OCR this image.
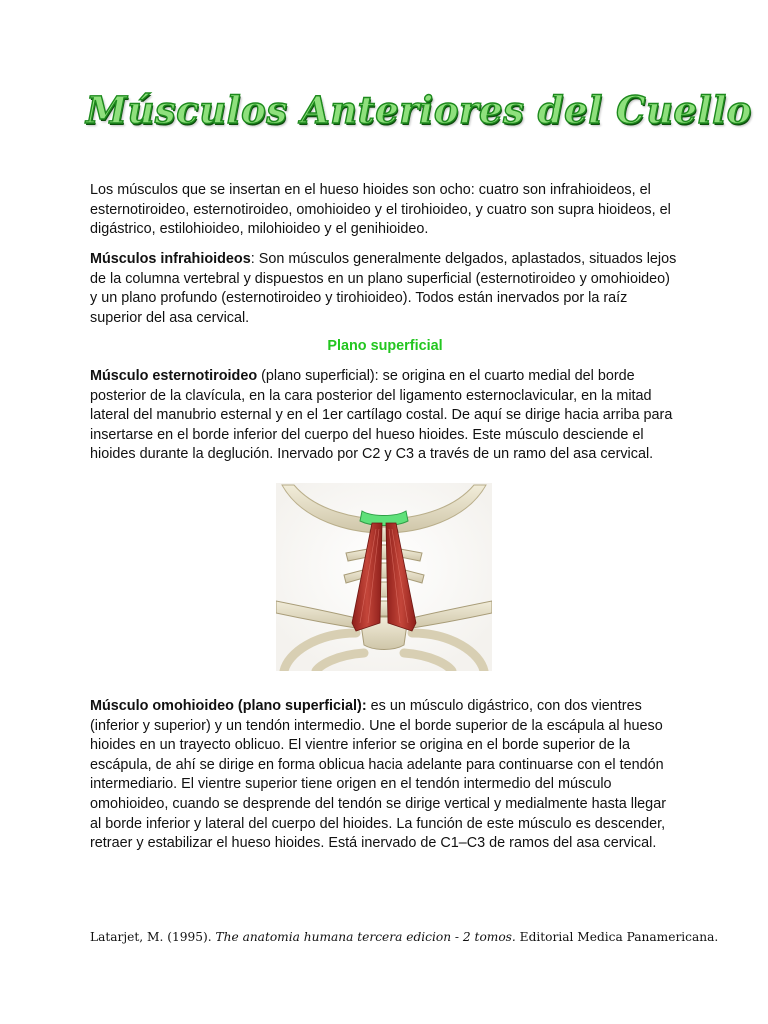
Músculos Anteriores del Cuello

Los músculos que se insertan en el hueso hioides son ocho: cuatro son infrahioideos, el esternotiroideo, esternotiroideo, omohioideo y el tirohioideo, y cuatro son supra hioideos, el digástrico, estilohioideo, milohioideo y el genihioideo.

Músculos infrahioideos: Son músculos generalmente delgados, aplastados, situados lejos de la columna vertebral y dispuestos en un plano superficial (esternotiroideo y omohioideo) y un plano profundo (esternotiroideo y tirohioideo). Todos están inervados por la raíz superior del asa cervical.

Plano superficial

Músculo esternotiroideo (plano superficial): se origina en el cuarto medial del borde posterior de la clavícula, en la cara posterior del ligamento esternoclavicular, en la mitad lateral del manubrio esternal y en el 1er cartílago costal. De aquí se dirige hacia arriba para insertarse en el borde inferior del cuerpo del hueso hioides. Este músculo desciende el hioides durante la deglución. Inervado por C2 y C3 a través de un ramo del asa cervical.

Músculo omohioideo (plano superficial): es un músculo digástrico, con dos vientres (inferior y superior) y un tendón intermedio. Une el borde superior de la escápula al hueso hioides en un trayecto oblicuo. El vientre inferior se origina en el borde superior de la escápula, de ahí se dirige en forma oblicua hacia adelante para continuarse con el tendón intermediario. El vientre superior tiene origen en el tendón intermedio del músculo omohioideo, cuando se desprende del tendón se dirige vertical y medialmente hasta llegar al borde inferior y lateral del cuerpo del hioides. La función de este músculo es descender, retraer y estabilizar el hueso hioides. Está inervado de C1–C3 de ramos del asa cervical.

Latarjet, M. (1995). The anatomia humana tercera edicion - 2 tomos. Editorial Medica Panamericana.
